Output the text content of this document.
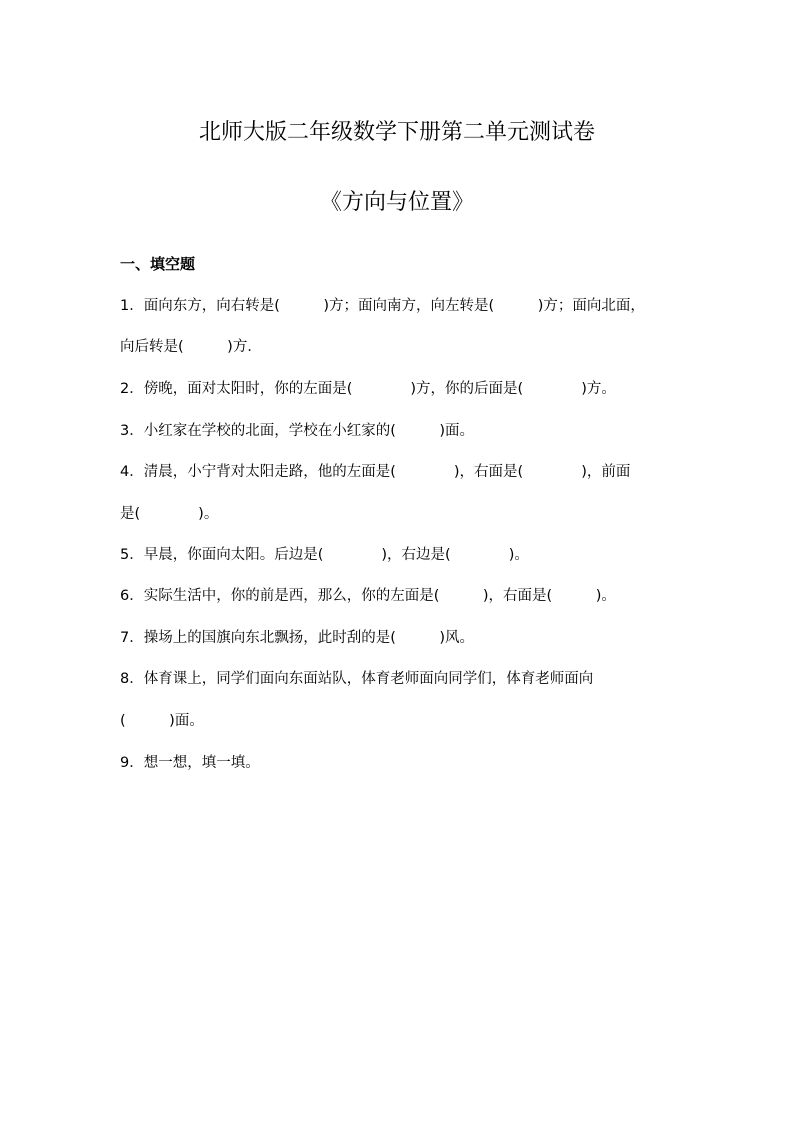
北师大版二年级数学下册第二单元测试卷
《方向与位置》

一、填空题

1．面向东方，向右转是(　　　)方；面向南方，向左转是(　　　)方；面向北面，

向后转是(　　　)方．

2．傍晚，面对太阳时，你的左面是(　　　　)方，你的后面是(　　　　)方。

3．小红家在学校的北面，学校在小红家的(　　　)面。

4．清晨，小宁背对太阳走路，他的左面是(　　　　)，右面是(　　　　)，前面

是(　　　　)。

5．早晨，你面向太阳。后边是(　　　　)，右边是(　　　　)。

6．实际生活中，你的前是西，那么，你的左面是(　　　)，右面是(　　　)。

7．操场上的国旗向东北飘扬，此时刮的是(　　　)风。

8．体育课上，同学们面向东面站队，体育老师面向同学们，体育老师面向

(　　　)面。

9．想一想，填一填。
